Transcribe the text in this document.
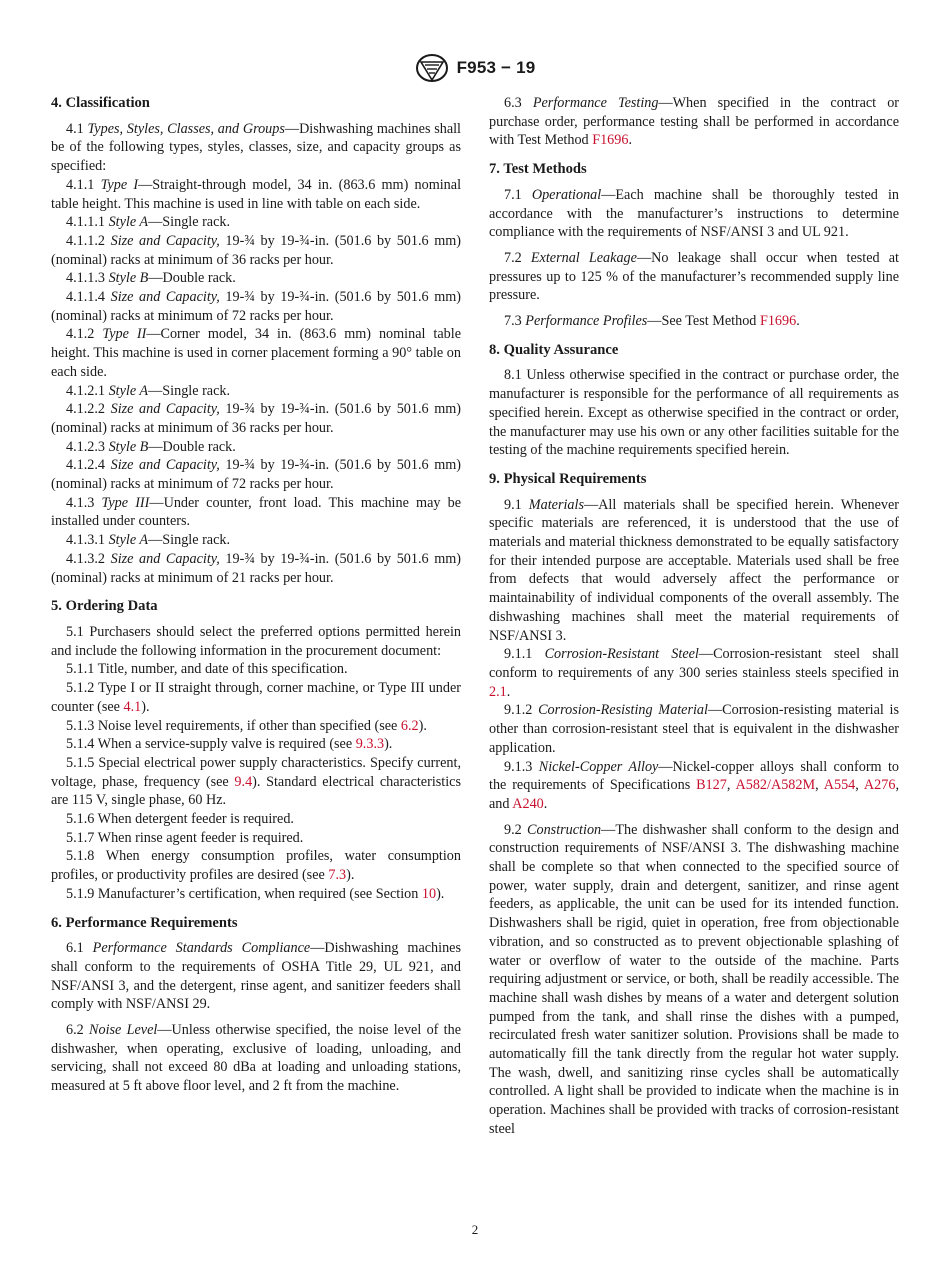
F953 − 19
4. Classification
4.1 Types, Styles, Classes, and Groups—Dishwashing machines shall be of the following types, styles, classes, size, and capacity groups as specified:
4.1.1 Type I—Straight-through model, 34 in. (863.6 mm) nominal table height. This machine is used in line with table on each side.
4.1.1.1 Style A—Single rack.
4.1.1.2 Size and Capacity, 19-¾ by 19-¾-in. (501.6 by 501.6 mm) (nominal) racks at minimum of 36 racks per hour.
4.1.1.3 Style B—Double rack.
4.1.1.4 Size and Capacity, 19-¾ by 19-¾-in. (501.6 by 501.6 mm) (nominal) racks at minimum of 72 racks per hour.
4.1.2 Type II—Corner model, 34 in. (863.6 mm) nominal table height. This machine is used in corner placement forming a 90° table on each side.
4.1.2.1 Style A—Single rack.
4.1.2.2 Size and Capacity, 19-¾ by 19-¾-in. (501.6 by 501.6 mm) (nominal) racks at minimum of 36 racks per hour.
4.1.2.3 Style B—Double rack.
4.1.2.4 Size and Capacity, 19-¾ by 19-¾-in. (501.6 by 501.6 mm) (nominal) racks at minimum of 72 racks per hour.
4.1.3 Type III—Under counter, front load. This machine may be installed under counters.
4.1.3.1 Style A—Single rack.
4.1.3.2 Size and Capacity, 19-¾ by 19-¾-in. (501.6 by 501.6 mm) (nominal) racks at minimum of 21 racks per hour.
5. Ordering Data
5.1 Purchasers should select the preferred options permitted herein and include the following information in the procurement document:
5.1.1 Title, number, and date of this specification.
5.1.2 Type I or II straight through, corner machine, or Type III under counter (see 4.1).
5.1.3 Noise level requirements, if other than specified (see 6.2).
5.1.4 When a service-supply valve is required (see 9.3.3).
5.1.5 Special electrical power supply characteristics. Specify current, voltage, phase, frequency (see 9.4). Standard electrical characteristics are 115 V, single phase, 60 Hz.
5.1.6 When detergent feeder is required.
5.1.7 When rinse agent feeder is required.
5.1.8 When energy consumption profiles, water consumption profiles, or productivity profiles are desired (see 7.3).
5.1.9 Manufacturer’s certification, when required (see Section 10).
6. Performance Requirements
6.1 Performance Standards Compliance—Dishwashing machines shall conform to the requirements of OSHA Title 29, UL 921, and NSF/ANSI 3, and the detergent, rinse agent, and sanitizer feeders shall comply with NSF/ANSI 29.
6.2 Noise Level—Unless otherwise specified, the noise level of the dishwasher, when operating, exclusive of loading, unloading, and servicing, shall not exceed 80 dBa at loading and unloading stations, measured at 5 ft above floor level, and 2 ft from the machine.
6.3 Performance Testing—When specified in the contract or purchase order, performance testing shall be performed in accordance with Test Method F1696.
7. Test Methods
7.1 Operational—Each machine shall be thoroughly tested in accordance with the manufacturer’s instructions to determine compliance with the requirements of NSF/ANSI 3 and UL 921.
7.2 External Leakage—No leakage shall occur when tested at pressures up to 125 % of the manufacturer’s recommended supply line pressure.
7.3 Performance Profiles—See Test Method F1696.
8. Quality Assurance
8.1 Unless otherwise specified in the contract or purchase order, the manufacturer is responsible for the performance of all requirements as specified herein. Except as otherwise specified in the contract or order, the manufacturer may use his own or any other facilities suitable for the testing of the machine requirements specified herein.
9. Physical Requirements
9.1 Materials—All materials shall be specified herein. Whenever specific materials are referenced, it is understood that the use of materials and material thickness demonstrated to be equally satisfactory for their intended purpose are acceptable. Materials used shall be free from defects that would adversely affect the performance or maintainability of individual components of the overall assembly. The dishwashing machines shall meet the material requirements of NSF/ANSI 3.
9.1.1 Corrosion-Resistant Steel—Corrosion-resistant steel shall conform to requirements of any 300 series stainless steels specified in 2.1.
9.1.2 Corrosion-Resisting Material—Corrosion-resisting material is other than corrosion-resistant steel that is equivalent in the dishwasher application.
9.1.3 Nickel-Copper Alloy—Nickel-copper alloys shall conform to the requirements of Specifications B127, A582/A582M, A554, A276, and A240.
9.2 Construction—The dishwasher shall conform to the design and construction requirements of NSF/ANSI 3. The dishwashing machine shall be complete so that when connected to the specified source of power, water supply, drain and detergent, sanitizer, and rinse agent feeders, as applicable, the unit can be used for its intended function. Dishwashers shall be rigid, quiet in operation, free from objectionable vibration, and so constructed as to prevent objectionable splashing of water or overflow of water to the outside of the machine. Parts requiring adjustment or service, or both, shall be readily accessible. The machine shall wash dishes by means of a water and detergent solution pumped from the tank, and shall rinse the dishes with a pumped, recirculated fresh water sanitizer solution. Provisions shall be made to automatically fill the tank directly from the regular hot water supply. The wash, dwell, and sanitizing rinse cycles shall be automatically controlled. A light shall be provided to indicate when the machine is in operation. Machines shall be provided with tracks of corrosion-resistant steel
2
